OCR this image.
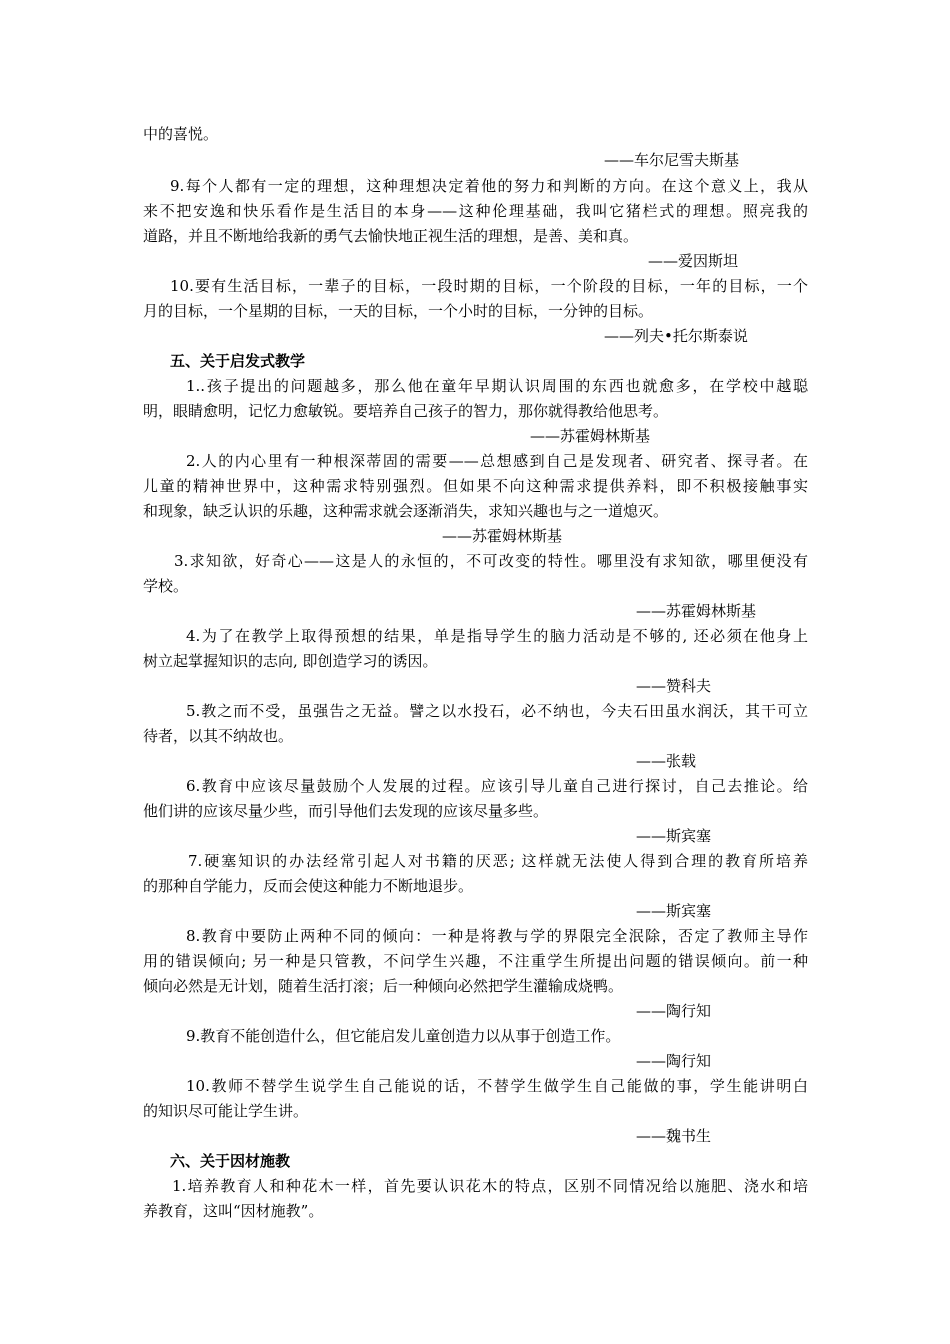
中的喜悦。
——车尔尼雪夫斯基
9.每个人都有一定的理想，这种理想决定着他的努力和判断的方向。在这个意义上，我从
来不把安逸和快乐看作是生活目的本身——这种伦理基础，我叫它猪栏式的理想。照亮我的
道路，并且不断地给我新的勇气去愉快地正视生活的理想，是善、美和真。
——爱因斯坦
10.要有生活目标，一辈子的目标，一段时期的目标，一个阶段的目标，一年的目标，一个
月的目标，一个星期的目标，一天的目标，一个小时的目标，一分钟的目标。
——列夫•托尔斯泰说
五、关于启发式教学
1..孩子提出的问题越多，那么他在童年早期认识周围的东西也就愈多，在学校中越聪
明，眼睛愈明，记忆力愈敏锐。要培养自己孩子的智力，那你就得教给他思考。
——苏霍姆林斯基
2.人的内心里有一种根深蒂固的需要——总想感到自己是发现者、研究者、探寻者。在
儿童的精神世界中，这种需求特别强烈。但如果不向这种需求提供养料，即不积极接触事实
和现象，缺乏认识的乐趣，这种需求就会逐渐消失，求知兴趣也与之一道熄灭。
——苏霍姆林斯基
3.求知欲，好奇心——这是人的永恒的，不可改变的特性。哪里没有求知欲，哪里便没有
学校。
——苏霍姆林斯基
4.为了在教学上取得预想的结果，单是指导学生的脑力活动是不够的, 还必须在他身上
树立起掌握知识的志向, 即创造学习的诱因。
——赞科夫
5.教之而不受，虽强告之无益。譬之以水投石，必不纳也，今夫石田虽水润沃，其干可立
待者，以其不纳故也。
——张载
6.教育中应该尽量鼓励个人发展的过程。应该引导儿童自己进行探讨，自己去推论。给
他们讲的应该尽量少些，而引导他们去发现的应该尽量多些。
——斯宾塞
7.硬塞知识的办法经常引起人对书籍的厌恶; 这样就无法使人得到合理的教育所培养
的那种自学能力，反而会使这种能力不断地退步。
——斯宾塞
8.教育中要防止两种不同的倾向：一种是将教与学的界限完全泯除，否定了教师主导作
用的错误倾向; 另一种是只管教，不问学生兴趣，不注重学生所提出问题的错误倾向。前一种
倾向必然是无计划，随着生活打滚；后一种倾向必然把学生灌输成烧鸭。
——陶行知
9.教育不能创造什么，但它能启发儿童创造力以从事于创造工作。
——陶行知
10.教师不替学生说学生自己能说的话，不替学生做学生自己能做的事，学生能讲明白
的知识尽可能让学生讲。
——魏书生
六、关于因材施教
1.培养教育人和种花木一样，首先要认识花木的特点，区别不同情况给以施肥、浇水和培
养教育，这叫“因材施教”。
